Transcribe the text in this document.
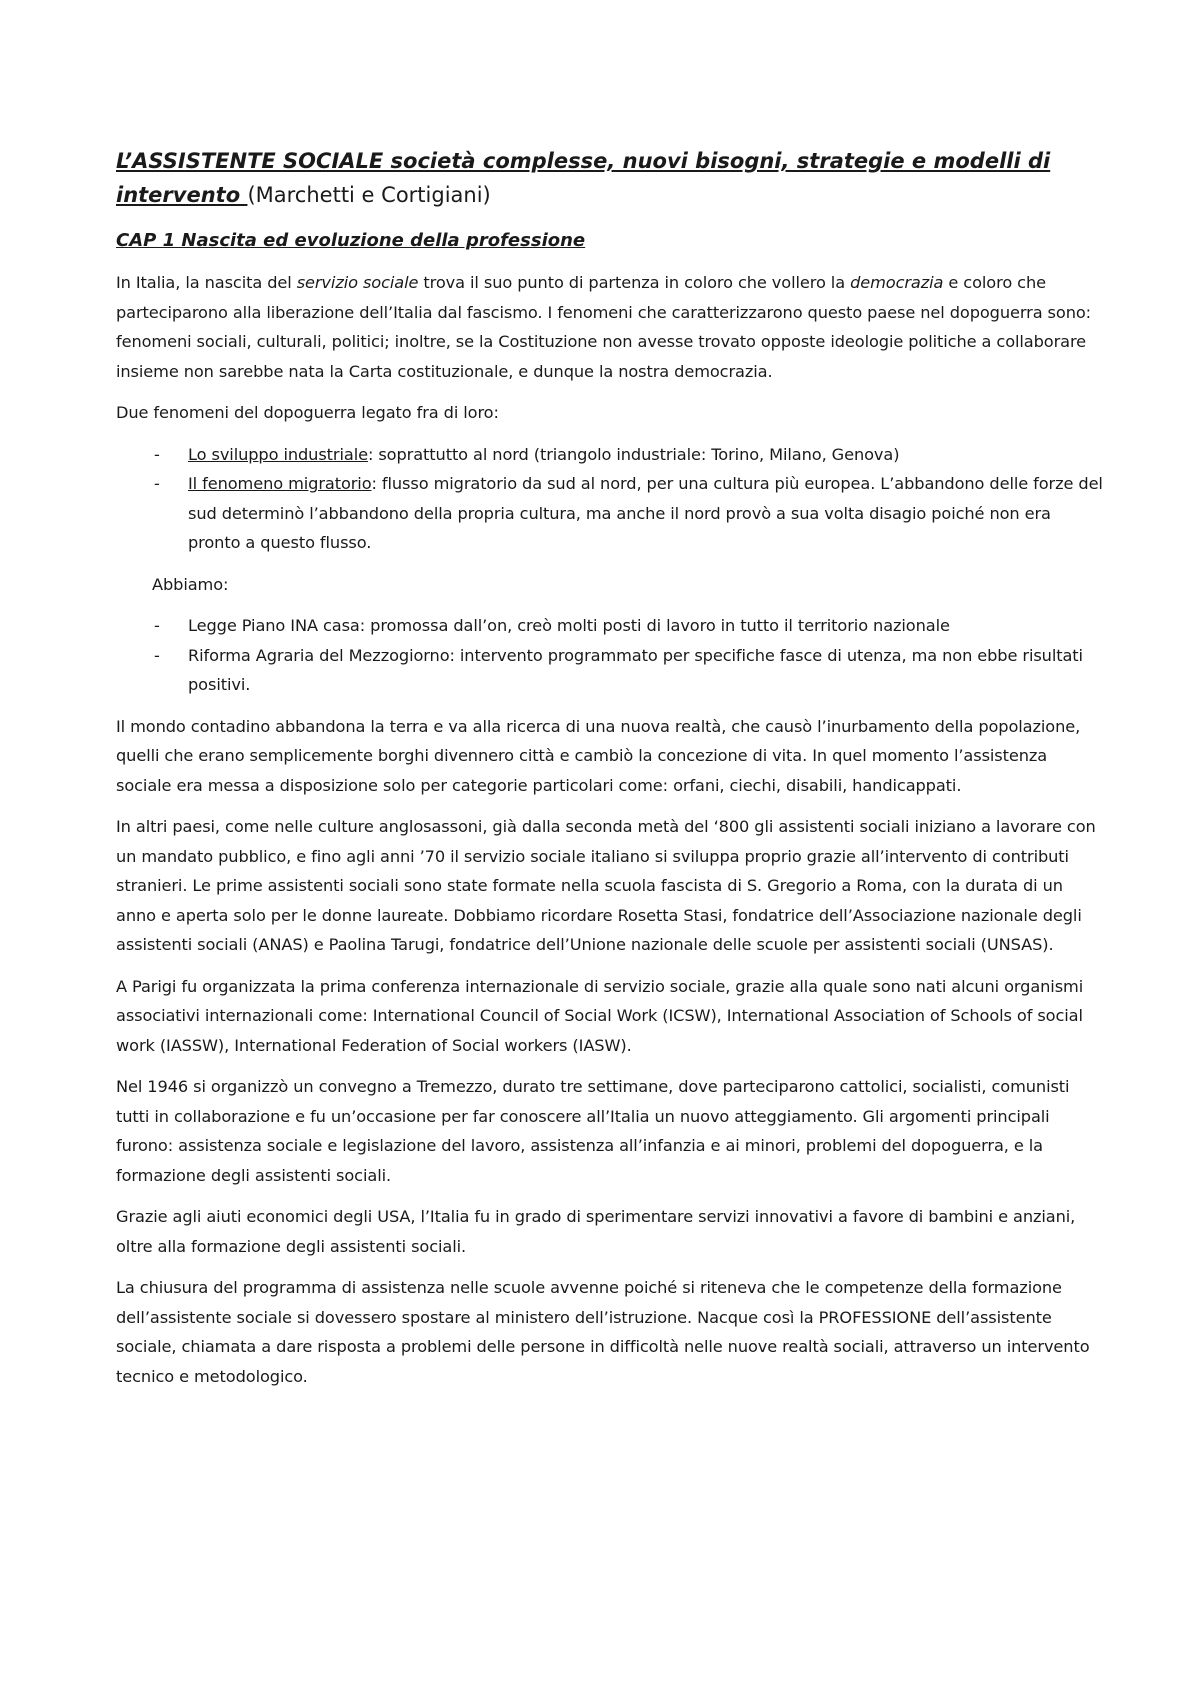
L’ASSISTENTE SOCIALE società complesse, nuovi bisogni, strategie e modelli di intervento (Marchetti e Cortigiani)
CAP 1 Nascita ed evoluzione della professione

In Italia, la nascita del servizio sociale trova il suo punto di partenza in coloro che vollero la democrazia e coloro che parteciparono alla liberazione dell’Italia dal fascismo. I fenomeni che caratterizzarono questo paese nel dopoguerra sono: fenomeni sociali, culturali, politici; inoltre, se la Costituzione non avesse trovato opposte ideologie politiche a collaborare insieme non sarebbe nata la Carta costituzionale, e dunque la nostra democrazia.

Due fenomeni del dopoguerra legato fra di loro:

- Lo sviluppo industriale: soprattutto al nord (triangolo industriale: Torino, Milano, Genova)
- Il fenomeno migratorio: flusso migratorio da sud al nord, per una cultura più europea. L’abbandono delle forze del sud determinò l’abbandono della propria cultura, ma anche il nord provò a sua volta disagio poiché non era pronto a questo flusso.

Abbiamo:

- Legge Piano INA casa: promossa dall’on, creò molti posti di lavoro in tutto il territorio nazionale
- Riforma Agraria del Mezzogiorno: intervento programmato per specifiche fasce di utenza, ma non ebbe risultati positivi.

Il mondo contadino abbandona la terra e va alla ricerca di una nuova realtà, che causò l’inurbamento della popolazione, quelli che erano semplicemente borghi divennero città e cambiò la concezione di vita. In quel momento l’assistenza sociale era messa a disposizione solo per categorie particolari come: orfani, ciechi, disabili, handicappati.

In altri paesi, come nelle culture anglosassoni, già dalla seconda metà del ‘800 gli assistenti sociali iniziano a lavorare con un mandato pubblico, e fino agli anni ’70 il servizio sociale italiano si sviluppa proprio grazie all’intervento di contributi stranieri. Le prime assistenti sociali sono state formate nella scuola fascista di S. Gregorio a Roma, con la durata di un anno e aperta solo per le donne laureate. Dobbiamo ricordare Rosetta Stasi, fondatrice dell’Associazione nazionale degli assistenti sociali (ANAS) e Paolina Tarugi, fondatrice dell’Unione nazionale delle scuole per assistenti sociali (UNSAS).

A Parigi fu organizzata la prima conferenza internazionale di servizio sociale, grazie alla quale sono nati alcuni organismi associativi internazionali come: International Council of Social Work (ICSW), International Association of Schools of social work (IASSW), International Federation of Social workers (IASW).

Nel 1946 si organizzò un convegno a Tremezzo, durato tre settimane, dove parteciparono cattolici, socialisti, comunisti tutti in collaborazione e fu un’occasione per far conoscere all’Italia un nuovo atteggiamento. Gli argomenti principali furono: assistenza sociale e legislazione del lavoro, assistenza all’infanzia e ai minori, problemi del dopoguerra, e la formazione degli assistenti sociali.

Grazie agli aiuti economici degli USA, l’Italia fu in grado di sperimentare servizi innovativi a favore di bambini e anziani, oltre alla formazione degli assistenti sociali.

La chiusura del programma di assistenza nelle scuole avvenne poiché si riteneva che le competenze della formazione dell’assistente sociale si dovessero spostare al ministero dell’istruzione. Nacque così la PROFESSIONE dell’assistente sociale, chiamata a dare risposta a problemi delle persone in difficoltà nelle nuove realtà sociali, attraverso un intervento tecnico e metodologico.
